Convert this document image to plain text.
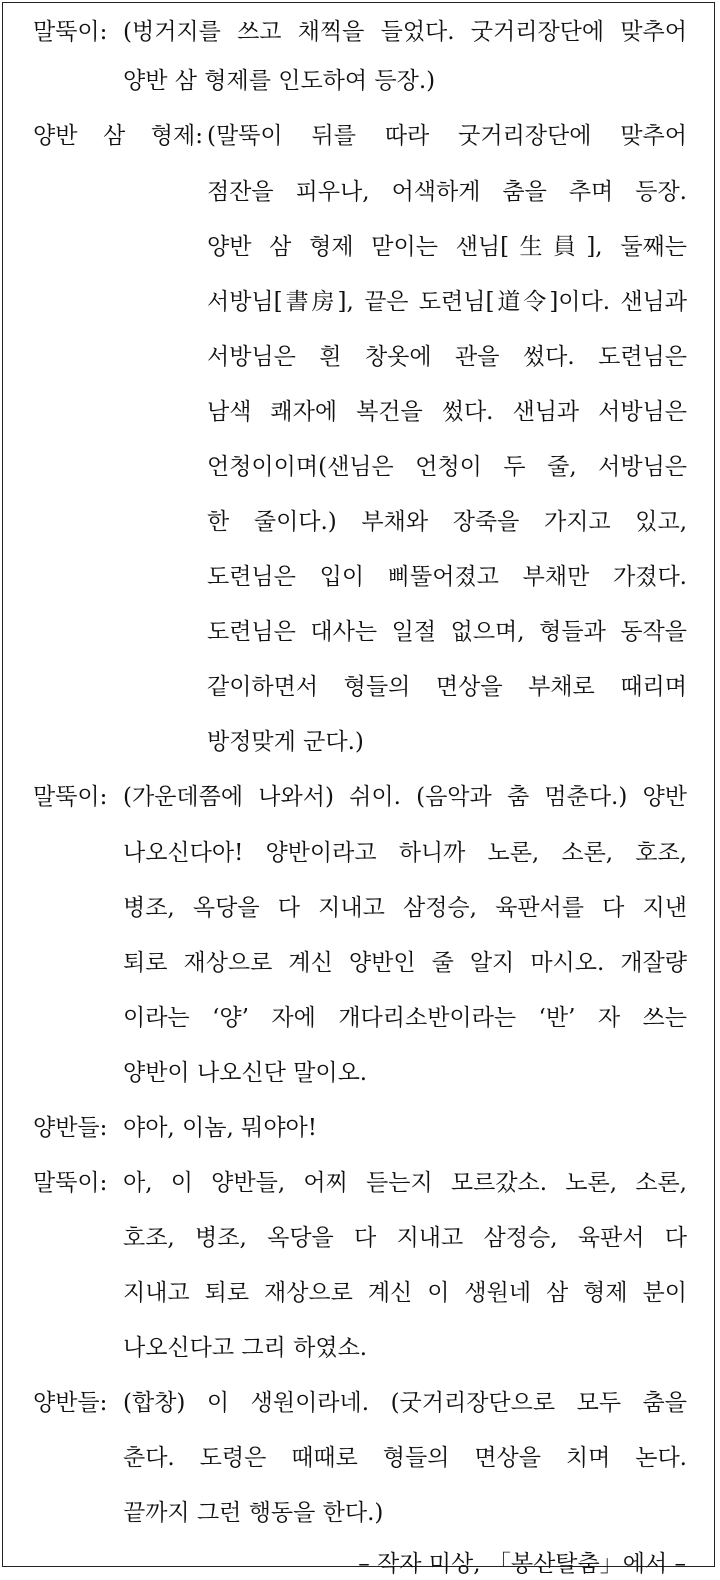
말뚝이: (벙거지를 쓰고 채찍을 들었다. 굿거리장단에 맞추어
양반 삼 형제를 인도하여 등장.)
양반 삼 형제: (말뚝이 뒤를 따라 굿거리장단에 맞추어
점잔을 피우나, 어색하게 춤을 추며 등장.
양반 삼 형제 맏이는 샌님[生員], 둘째는
서방님[書房], 끝은 도련님[道令]이다. 샌님과
서방님은 흰 창옷에 관을 썼다. 도련님은
남색 쾌자에 복건을 썼다. 샌님과 서방님은
언청이이며(샌님은 언청이 두 줄, 서방님은
한 줄이다.) 부채와 장죽을 가지고 있고,
도련님은 입이 삐뚤어졌고 부채만 가졌다.
도련님은 대사는 일절 없으며, 형들과 동작을
같이하면서 형들의 면상을 부채로 때리며
방정맞게 군다.)
말뚝이: (가운데쯤에 나와서) 쉬이. (음악과 춤 멈춘다.) 양반
나오신다아! 양반이라고 하니까 노론, 소론, 호조,
병조, 옥당을 다 지내고 삼정승, 육판서를 다 지낸
퇴로 재상으로 계신 양반인 줄 알지 마시오. 개잘량
이라는 ‘양’ 자에 개다리소반이라는 ‘반’ 자 쓰는
양반이 나오신단 말이오.
양반들: 야아, 이놈, 뭐야아!
말뚝이: 아, 이 양반들, 어찌 듣는지 모르갔소. 노론, 소론,
호조, 병조, 옥당을 다 지내고 삼정승, 육판서 다
지내고 퇴로 재상으로 계신 이 생원네 삼 형제 분이
나오신다고 그리 하였소.
양반들: (합창) 이 생원이라네. (굿거리장단으로 모두 춤을
춘다. 도령은 때때로 형들의 면상을 치며 논다.
끝까지 그런 행동을 한다.)
– 작자 미상, 「봉산탈춤」에서 –
